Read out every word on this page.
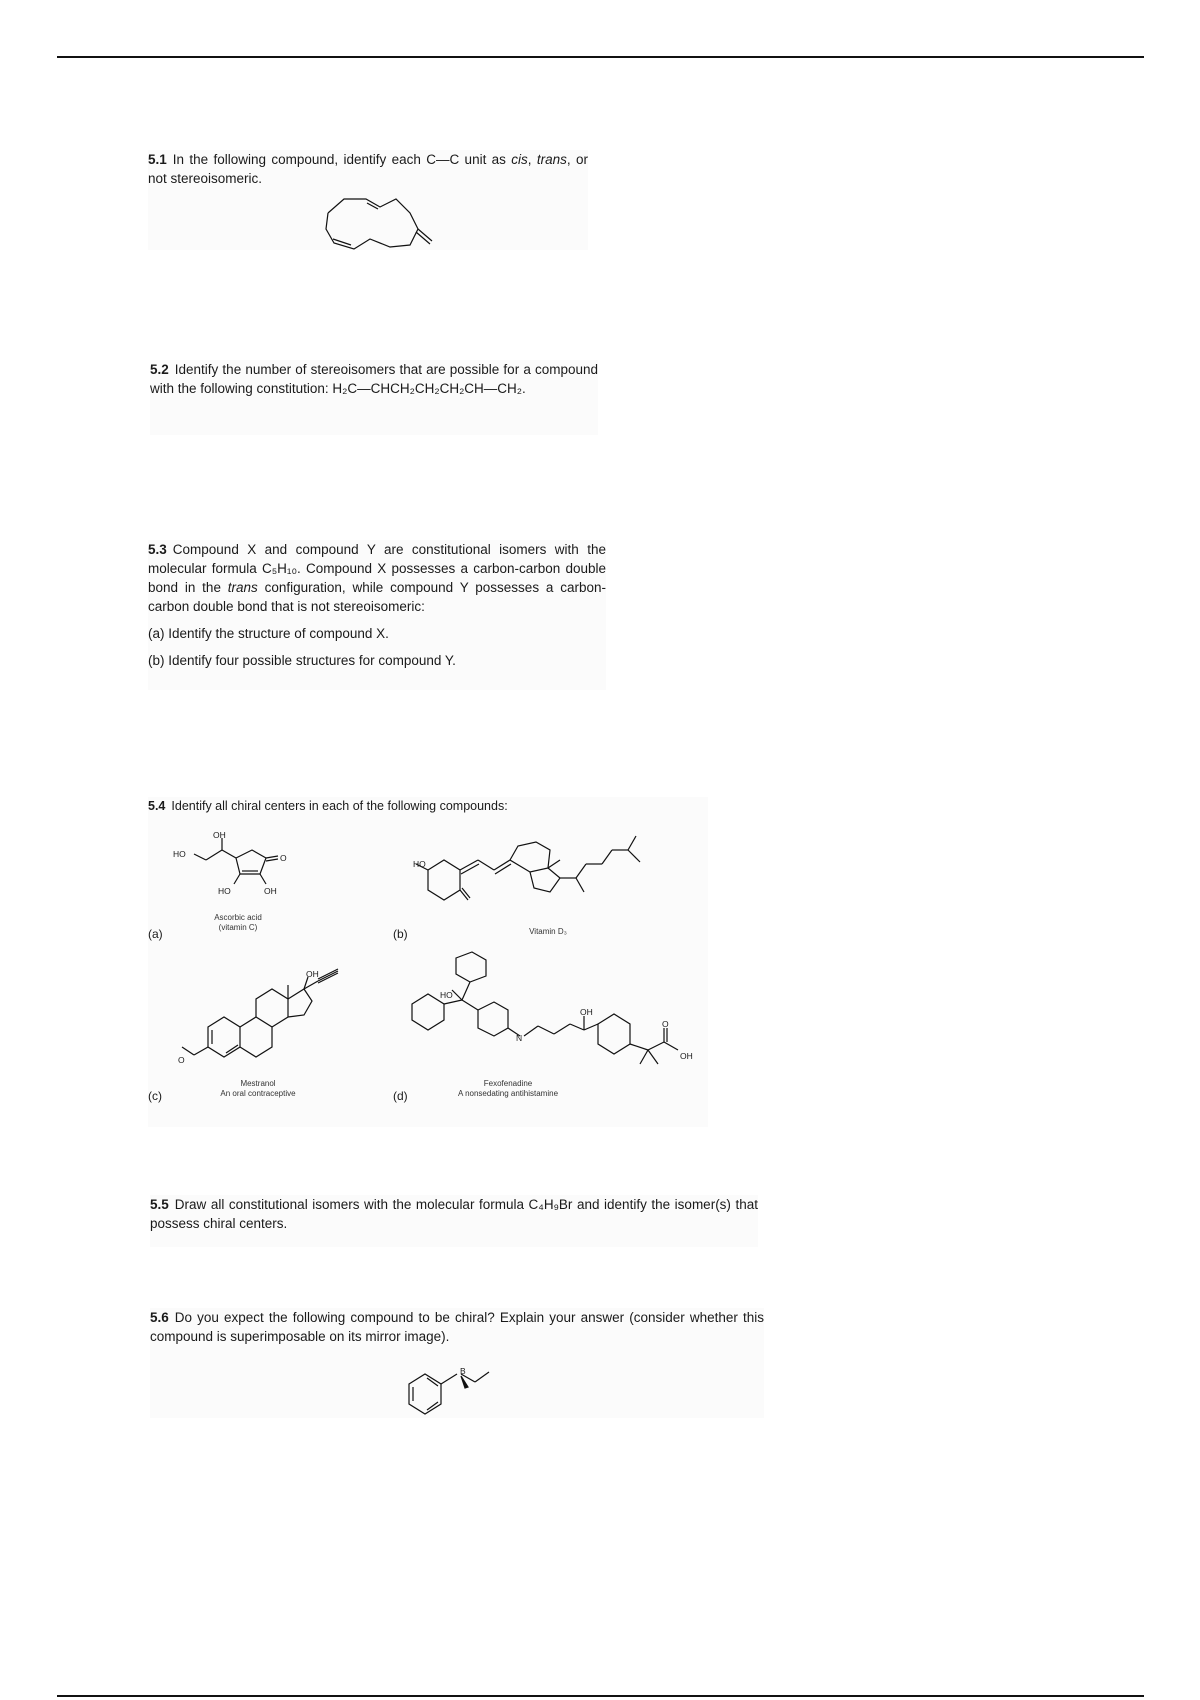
5.1 In the following compound, identify each C—C unit as cis, trans, or not stereoisomeric.
5.2 Identify the number of stereoisomers that are possible for a compound with the following constitution: H₂C—CHCH₂CH₂CH₂CH—CH₂.
5.3 Compound X and compound Y are constitutional isomers with the molecular formula C₅H₁₀. Compound X possesses a carbon-carbon double bond in the trans configuration, while compound Y possesses a carbon-carbon double bond that is not stereoisomeric:
(a) Identify the structure of compound X.
(b) Identify four possible structures for compound Y.
5.4 Identify all chiral centers in each of the following compounds:
(a)
OH
HO	O
HO	OH
Ascorbic acid
(vitamin C)	(b)
HO
Vitamin D₃
(c)
O
OH
Mestranol
An oral contraceptive	(d)
HO
N
OH
O
OH
Fexofenadine
A nonsedating antihistamine
5.5 Draw all constitutional isomers with the molecular formula C₄H₉Br and identify the isomer(s) that possess chiral centers.
5.6 Do you expect the following compound to be chiral? Explain your answer (consider whether this compound is superimposable on its mirror image).
B
